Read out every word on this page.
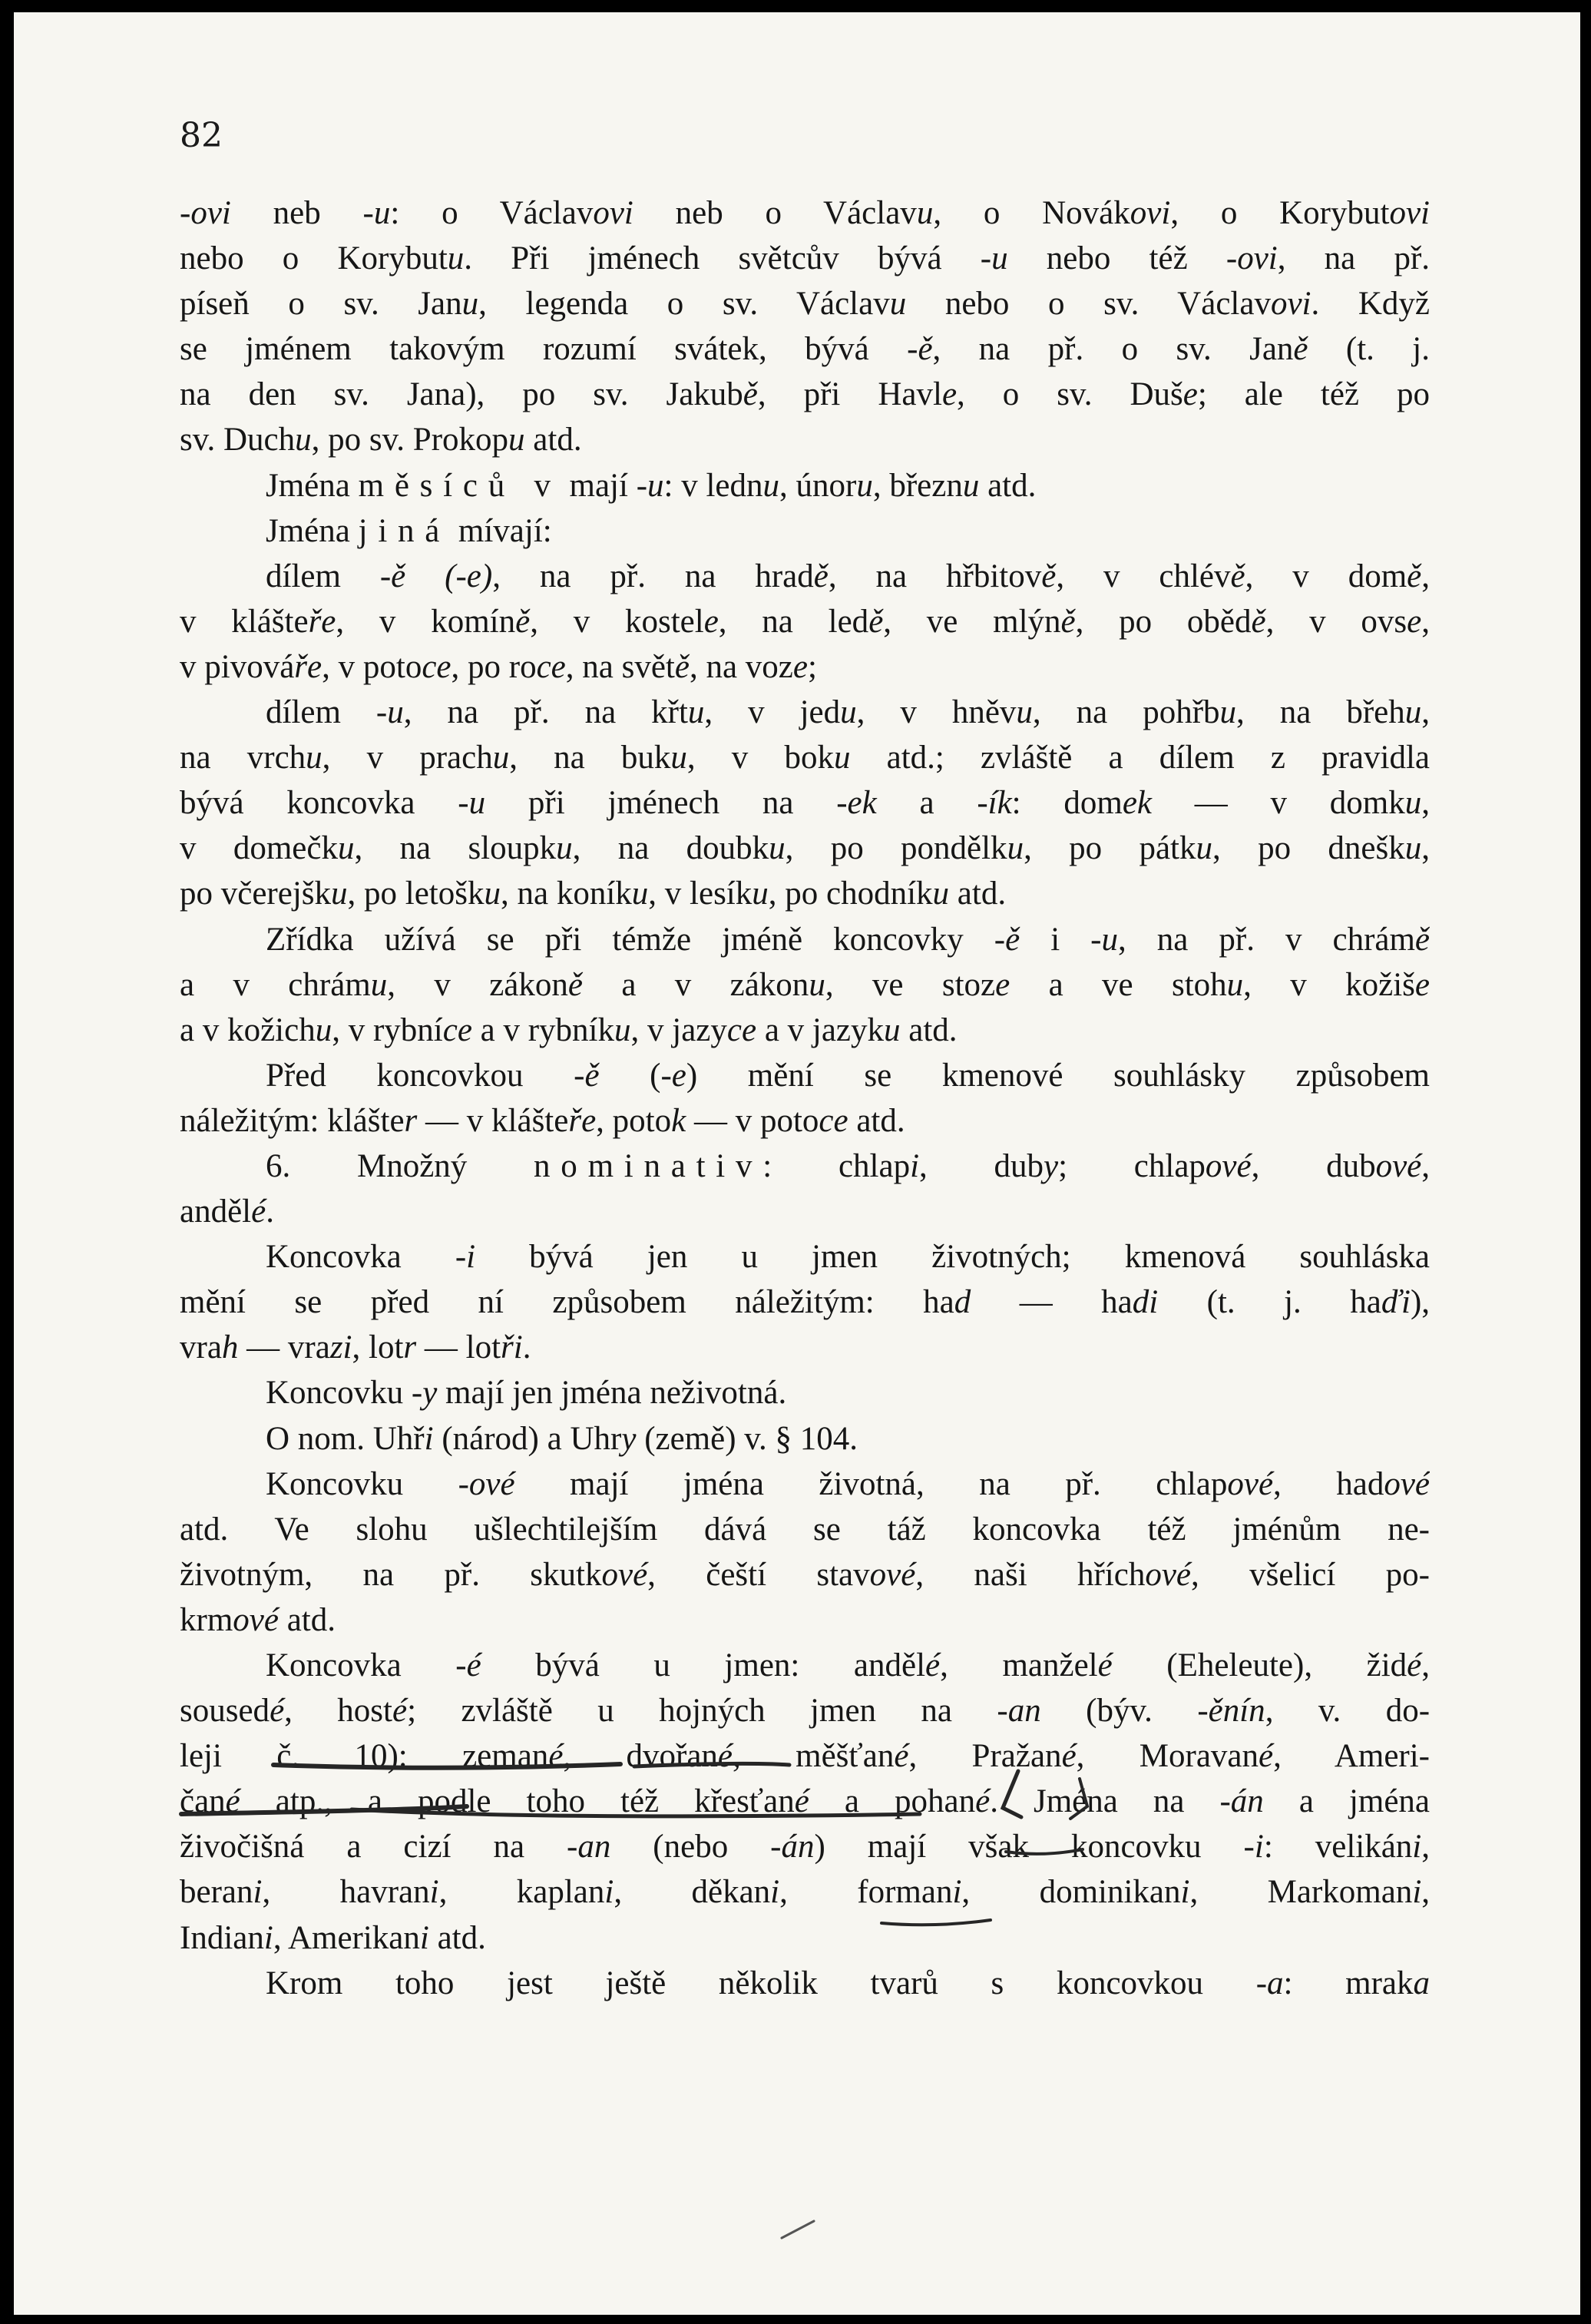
82
-ovi neb -u: o Václavovi neb o Václavu, o Novákovi, o Korybutovi
nebo o Korybutu. Při jménech světcův bývá -u nebo též -ovi, na př.
píseň o sv. Janu, legenda o sv. Václavu nebo o sv. Václavovi. Když
se jménem takovým rozumí svátek, bývá -ě, na př. o sv. Janě (t. j.
na den sv. Jana), po sv. Jakubě, při Havle, o sv. Duše; ale též po
sv. Duchu, po sv. Prokopu atd.
Jména měsíců v mají -u: v lednu, únoru, březnu atd.
Jména jiná mívají:
dílem -ě (-e), na př. na hradě, na hřbitově, v chlévě, v domě,
v klášteře, v komíně, v kostele, na ledě, ve mlýně, po obědě, v ovse,
v pivováře, v potoce, po roce, na světě, na voze;
dílem -u, na př. na křtu, v jedu, v hněvu, na pohřbu, na břehu,
na vrchu, v prachu, na buku, v boku atd.; zvláště a dílem z pravidla
bývá koncovka -u při jménech na -ek a -ík: domek — v domku,
v domečku, na sloupku, na doubku, po pondělku, po pátku, po dnešku,
po včerejšku, po letošku, na koníku, v lesíku, po chodníku atd.
Zřídka užívá se při témže jméně koncovky -ě i -u, na př. v chrámě
a v chrámu, v zákoně a v zákonu, ve stoze a ve stohu, v kožiše
a v kožichu, v rybníce a v rybníku, v jazyce a v jazyku atd.
Před koncovkou -ě (-e) mění se kmenové souhlásky způsobem
náležitým: klášter — v klášteře, potok — v potoce atd.
6. Množný nominativ: chlapi, duby; chlapové, dubové,
andělé.
Koncovka -i bývá jen u jmen životných; kmenová souhláska
mění se před ní způsobem náležitým: had — hadi (t. j. haďi),
vrah — vrazi, lotr — lotři.
Koncovku -y mají jen jména neživotná.
O nom. Uhři (národ) a Uhry (země) v. § 104.
Koncovku -ové mají jména životná, na př. chlapové, hadové
atd. Ve slohu ušlechtilejším dává se táž koncovka též jménům ne-
životným, na př. skutkové, čeští stavové, naši hříchové, všelicí po-
krmové atd.
Koncovka -é bývá u jmen: andělé, manželé (Eheleute), židé,
sousedé, hosté; zvláště u hojných jmen na -an (býv. -ěnín, v. do-
leji č. 10): zemané, dvořané, měšťané, Pražané, Moravané, Ameri-
čané atp., a podle toho též křesťané a pohané. Jména na -án a jména
živočišná a cizí na -an (nebo -án) mají však koncovku -i: velikáni,
berani, havrani, kaplani, děkani, formani, dominikani, Markomani,
Indiani, Amerikani atd.
Krom toho jest ještě několik tvarů s koncovkou -a: mraka
